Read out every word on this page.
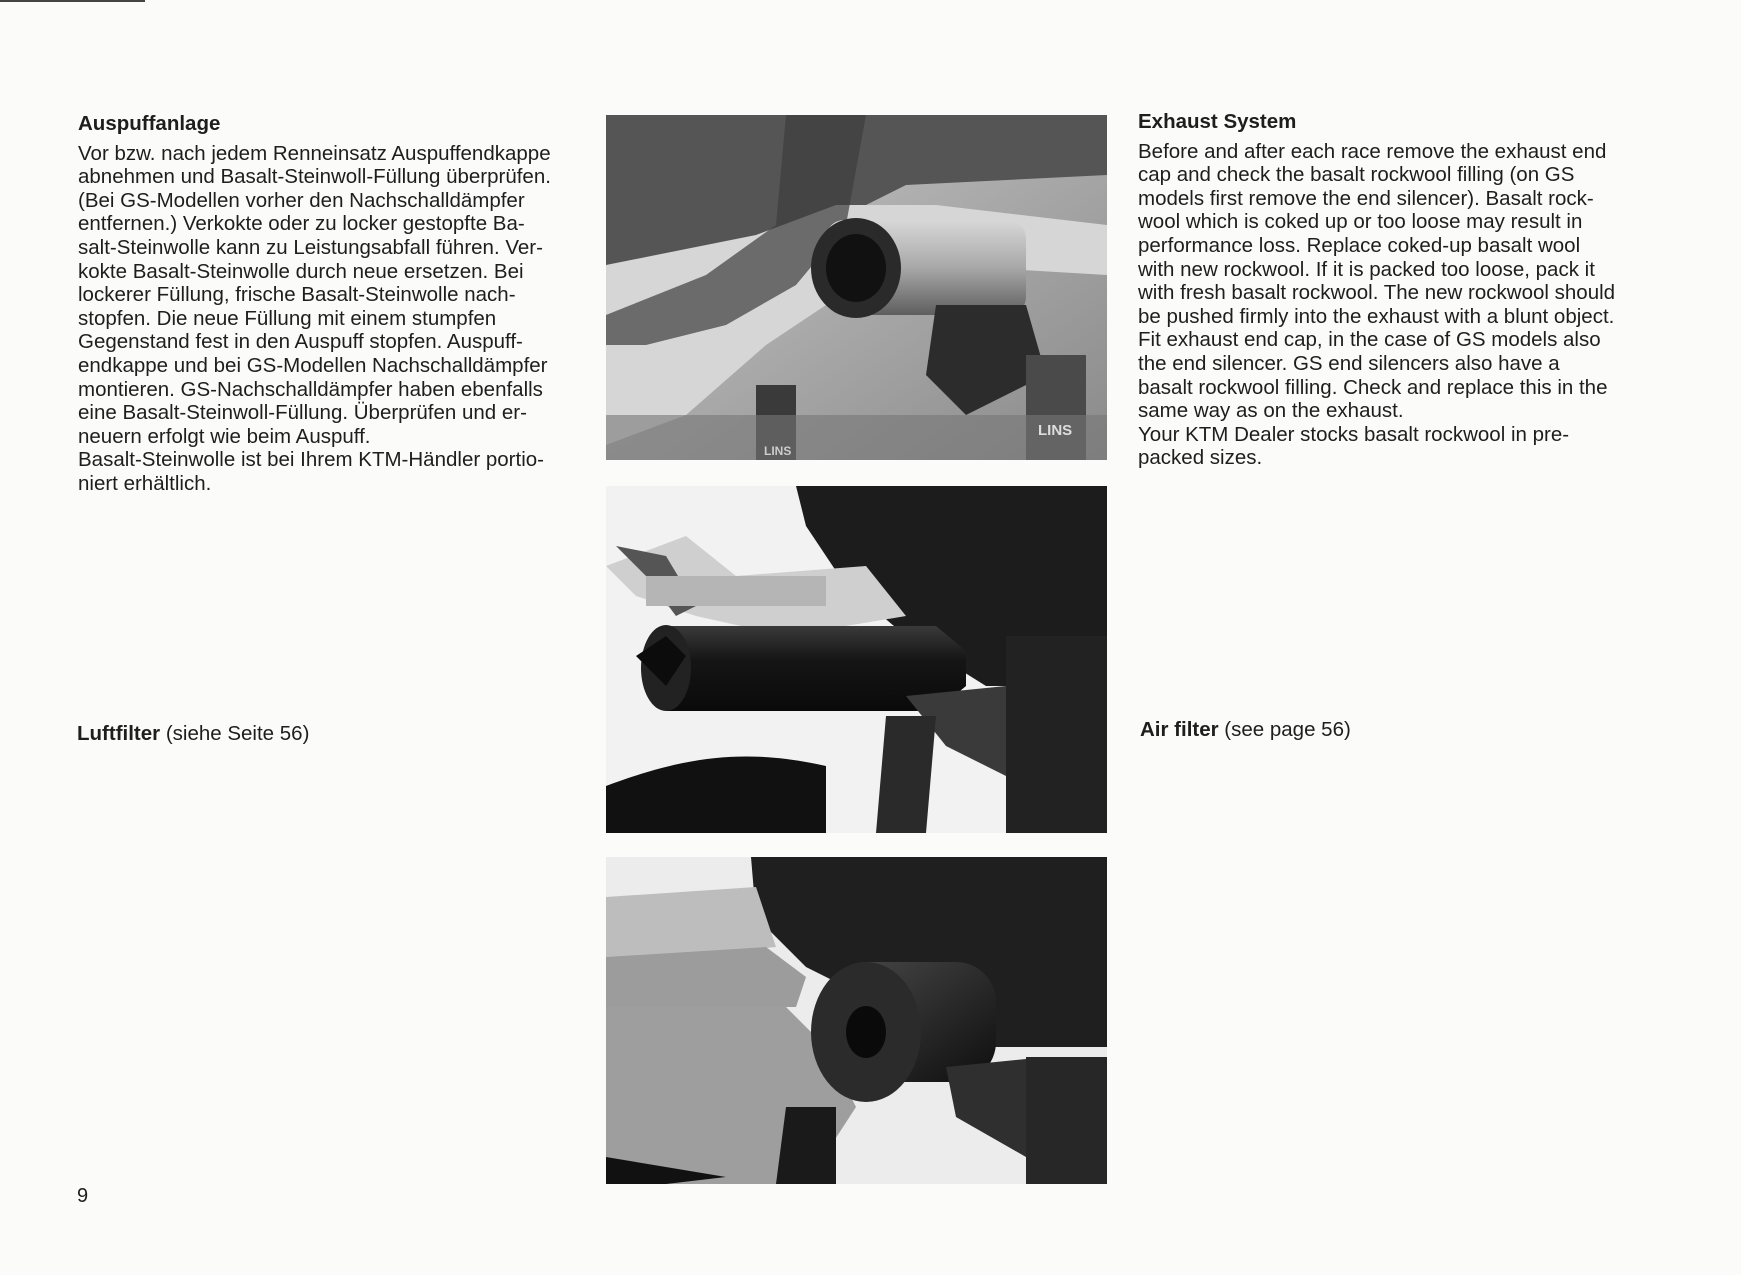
Auspuffanlage

Vor bzw. nach jedem Renneinsatz Auspuffendkappe
abnehmen und Basalt-Steinwoll-Füllung überprüfen.
(Bei GS-Modellen vorher den Nachschalldämpfer
entfernen.) Verkokte oder zu locker gestopfte Ba-
salt-Steinwolle kann zu Leistungsabfall führen. Ver-
kokte Basalt-Steinwolle durch neue ersetzen. Bei
lockerer Füllung, frische Basalt-Steinwolle nach-
stopfen. Die neue Füllung mit einem stumpfen
Gegenstand fest in den Auspuff stopfen. Auspuff-
endkappe und bei GS-Modellen Nachschalldämpfer
montieren. GS-Nachschalldämpfer haben ebenfalls
eine Basalt-Steinwoll-Füllung. Überprüfen und er-
neuern erfolgt wie beim Auspuff.

Basalt-Steinwolle ist bei Ihrem KTM-Händler portio-
niert erhältlich.

Luftfilter (siehe Seite 56)
Exhaust System

Before and after each race remove the exhaust end
cap and check the basalt rockwool filling (on GS
models first remove the end silencer). Basalt rock-
wool which is coked up or too loose may result in
performance loss. Replace coked-up basalt wool
with new rockwool. If it is packed too loose, pack it
with fresh basalt rockwool. The new rockwool should
be pushed firmly into the exhaust with a blunt object.
Fit exhaust end cap, in the case of GS models also
the end silencer. GS end silencers also have a
basalt rockwool filling. Check and replace this in the
same way as on the exhaust.

Your KTM Dealer stocks basalt rockwool in pre-
packed sizes.

Air filter (see page 56)
LINS
LINS
9
